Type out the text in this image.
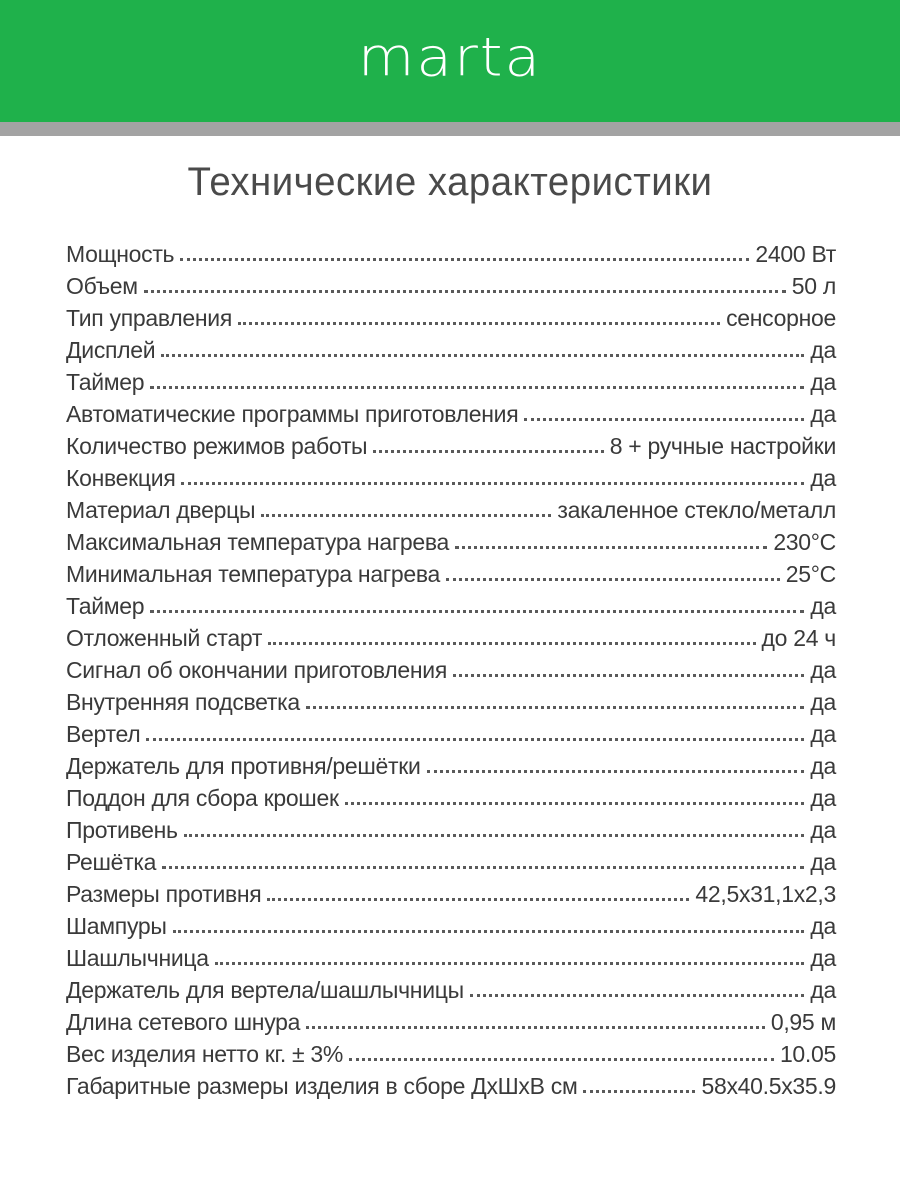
marta
Технические характеристики
Мощность	2400 Вт
Объем	50 л
Тип управления	сенсорное
Дисплей	да
Таймер	да
Автоматические программы приготовления	да
Количество режимов работы	8 + ручные настройки
Конвекция	да
Материал дверцы	закаленное стекло/металл
Максимальная температура нагрева	230°С
Минимальная температура нагрева	25°С
Таймер	да
Отложенный старт	до 24 ч
Сигнал об окончании приготовления	да
Внутренняя подсветка	да
Вертел	да
Держатель для противня/решётки	да
Поддон для сбора крошек	да
Противень	да
Решётка	да
Размеры противня	42,5х31,1х2,3
Шампуры	да
Шашлычница	да
Держатель для вертела/шашлычницы	да
Длина сетевого шнура	0,95 м
Вес изделия нетто кг. ± 3%	10.05
Габаритные размеры изделия в сборе ДхШхВ см	58х40.5х35.9
